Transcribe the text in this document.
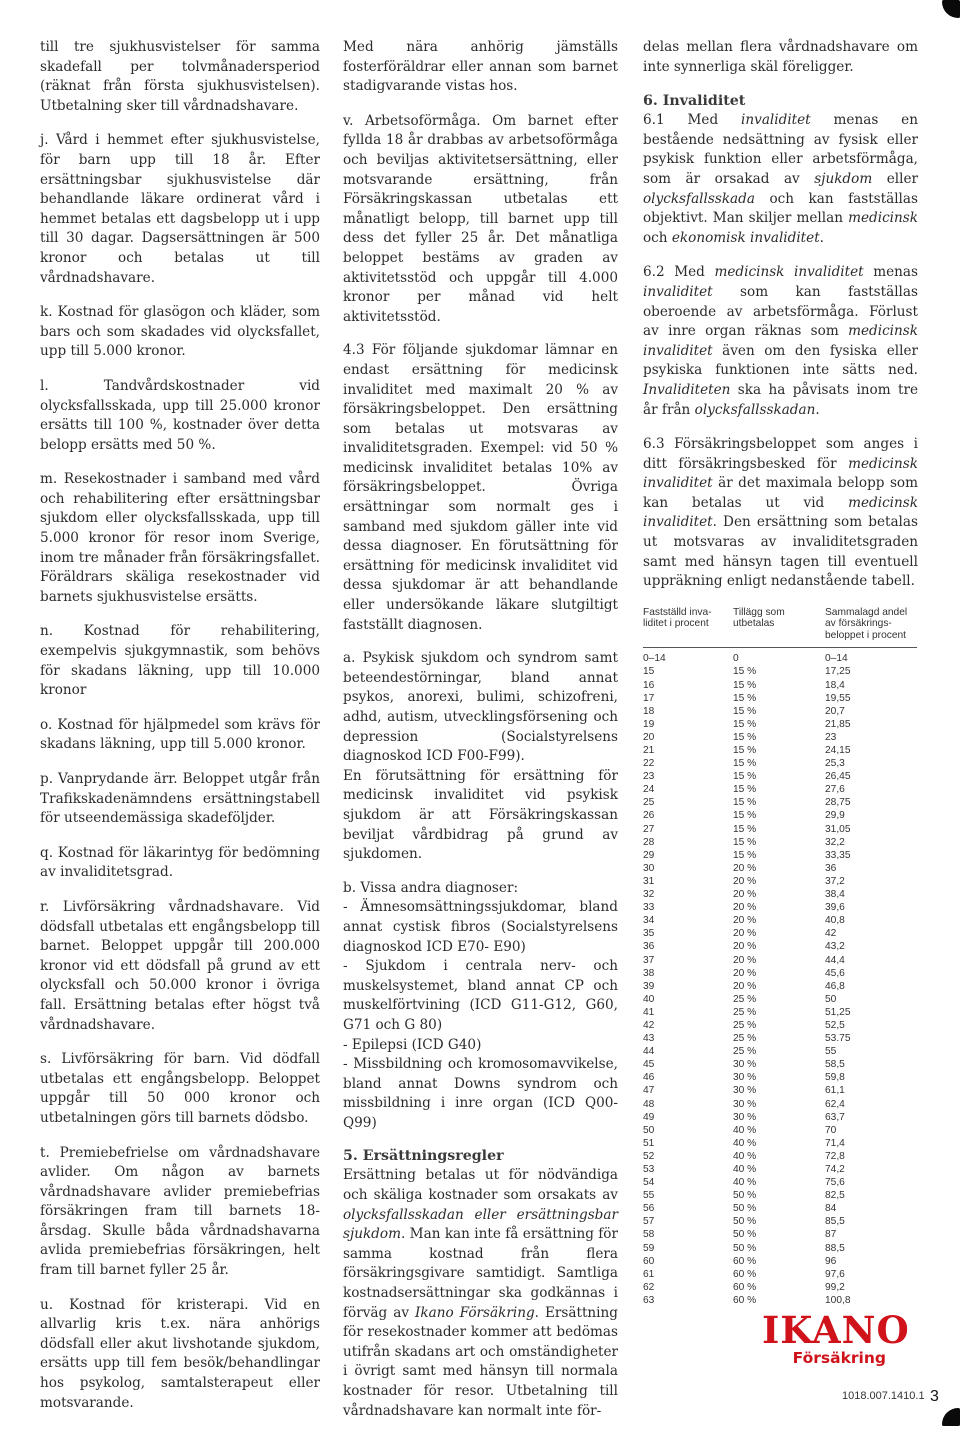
till tre sjukhusvistelser för samma skadefall per tolvmånadersperiod (räknat från första sjukhusvistelsen). Utbetalning sker till vårdnadshavare.

j. Vård i hemmet efter sjukhusvistelse, för barn upp till 18 år. Efter ersättningsbar sjukhusvistelse där behandlande läkare ordinerat vård i hemmet betalas ett dagsbelopp ut i upp till 30 dagar. Dagsersättningen är 500 kronor och betalas ut till vårdnadshavare.

k. Kostnad för glasögon och kläder, som bars och som skadades vid olycksfallet, upp till 5.000 kronor.

l. Tandvårdskostnader vid olycksfallsskada, upp till 25.000 kronor ersätts till 100 %, kostnader över detta belopp ersätts med 50 %.

m. Resekostnader i samband med vård och rehabilitering efter ersättningsbar sjukdom eller olycksfallsskada, upp till 5.000 kronor för resor inom Sverige, inom tre månader från försäkringsfallet. Föräldrars skäliga resekostnader vid barnets sjukhusvistelse ersätts.

n. Kostnad för rehabilitering, exempelvis sjukgymnastik, som behövs för skadans läkning, upp till 10.000 kronor

o. Kostnad för hjälpmedel som krävs för skadans läkning, upp till 5.000 kronor.

p. Vanprydande ärr. Beloppet utgår från Trafikskadenämndens ersättningstabell för utseendemässiga skadeföljder.

q. Kostnad för läkarintyg för bedömning av invaliditetsgrad.

r. Livförsäkring vårdnadshavare. Vid dödsfall utbetalas ett engångsbelopp till barnet. Beloppet uppgår till 200.000 kronor vid ett dödsfall på grund av ett olycksfall och 50.000 kronor i övriga fall. Ersättning betalas efter högst två vårdnadshavare.

s. Livförsäkring för barn. Vid dödfall utbetalas ett engångsbelopp. Beloppet uppgår till 50 000 kronor och utbetalningen görs till barnets dödsbo.

t. Premiebefrielse om vårdnadshavare avlider. Om någon av barnets vårdnadshavare avlider premiebefrias försäkringen fram till barnets 18-årsdag. Skulle båda vårdnadshavarna avlida premiebefrias försäkringen, helt fram till barnet fyller 25 år.

u. Kostnad för kristerapi. Vid en allvarlig kris t.ex. nära anhörigs dödsfall eller akut livshotande sjukdom, ersätts upp till fem besök/behandlingar hos psykolog, samtalsterapeut eller motsvarande.

Med nära anhörig jämställs fosterföräldrar eller annan som barnet stadigvarande vistas hos.

v. Arbetsoförmåga. Om barnet efter fyllda 18 år drabbas av arbetsoförmåga och beviljas aktivitetsersättning, eller motsvarande ersättning, från Försäkringskassan utbetalas ett månatligt belopp, till barnet upp till dess det fyller 25 år. Det månatliga beloppet bestäms av graden av aktivitetsstöd och uppgår till 4.000 kronor per månad vid helt aktivitetsstöd.

4.3 För följande sjukdomar lämnar en endast ersättning för medicinsk invaliditet med maximalt 20 % av försäkringsbeloppet. Den ersättning som betalas ut motsvaras av invaliditetsgraden. Exempel: vid 50 % medicinsk invaliditet betalas 10% av försäkringsbeloppet. Övriga ersättningar som normalt ges i samband med sjukdom gäller inte vid dessa diagnoser. En förutsättning för ersättning för medicinsk invaliditet vid dessa sjukdomar är att behandlande eller undersökande läkare slutgiltigt fastställt diagnosen.

a. Psykisk sjukdom och syndrom samt beteendestörningar, bland annat psykos, anorexi, bulimi, schizofreni, adhd, autism, utvecklingsförsening och depression (Socialstyrelsens diagnoskod ICD F00-F99).

En förutsättning för ersättning för medicinsk invaliditet vid psykisk sjukdom är att Försäkringskassan beviljat vårdbidrag på grund av sjukdomen.

b. Vissa andra diagnoser:

- Ämnesomsättningssjukdomar, bland annat cystisk fibros (Socialstyrelsens diagnoskod ICD E70- E90)

- Sjukdom i centrala nerv- och muskelsystemet, bland annat CP och muskelförtvining (ICD G11-G12, G60, G71 och G 80)

- Epilepsi (ICD G40)

- Missbildning och kromosomavvikelse, bland annat Downs syndrom och missbildning i inre organ (ICD Q00-Q99)

5. Ersättningsregler

Ersättning betalas ut för nödvändiga och skäliga kostnader som orsakats av olycksfallsskadan eller ersättningsbar sjukdom. Man kan inte få ersättning för samma kostnad från flera försäkringsgivare samtidigt. Samtliga kostnadsersättningar ska godkännas i förväg av Ikano Försäkring. Ersättning för resekostnader kommer att bedömas utifrån skadans art och omständigheter i övrigt samt med hänsyn till normala kostnader för resor. Utbetalning till vårdnadshavare kan normalt inte för-

delas mellan flera vårdnadshavare om inte synnerliga skäl föreligger.

6. Invaliditet

6.1 Med invaliditet menas en bestående nedsättning av fysisk eller psykisk funktion eller arbetsförmåga, som är orsakad av sjukdom eller olycksfallsskada och kan fastställas objektivt. Man skiljer mellan medicinsk och ekonomisk invaliditet.

6.2 Med medicinsk invaliditet menas invaliditet som kan fastställas oberoende av arbetsförmåga. Förlust av inre organ räknas som medicinsk invaliditet även om den fysiska eller psykiska funktionen inte sätts ned. Invaliditeten ska ha påvisats inom tre år från olycksfallsskadan.

6.3 Försäkringsbeloppet som anges i ditt försäkringsbesked för medicinsk invaliditet är det maximala belopp som kan betalas ut vid medicinsk invaliditet. Den ersättning som betalas ut motsvaras av invaliditetsgraden samt med hänsyn tagen till eventuell uppräkning enligt nedanstående tabell.

Fastställd inva-
liditet i procent	Tillägg som
utbetalas	Sammalagd andel
av försäkrings-
beloppet i procent

0–14	0	0–14
15	15 %	17,25
16	15 %	18,4
17	15 %	19,55
18	15 %	20,7
19	15 %	21,85
20	15 %	23
21	15 %	24,15
22	15 %	25,3
23	15 %	26,45
24	15 %	27,6
25	15 %	28,75
26	15 %	29,9
27	15 %	31,05
28	15 %	32,2
29	15 %	33,35
30	20 %	36
31	20 %	37,2
32	20 %	38,4
33	20 %	39,6
34	20 %	40,8
35	20 %	42
36	20 %	43,2
37	20 %	44,4
38	20 %	45,6
39	20 %	46,8
40	25 %	50
41	25 %	51,25
42	25 %	52,5
43	25 %	53.75
44	25 %	55
45	30 %	58,5
46	30 %	59,8
47	30 %	61,1
48	30 %	62,4
49	30 %	63,7
50	40 %	70
51	40 %	71,4
52	40 %	72,8
53	40 %	74,2
54	40 %	75,6
55	50 %	82,5
56	50 %	84
57	50 %	85,5
58	50 %	87
59	50 %	88,5
60	60 %	96
61	60 %	97,6
62	60 %	99,2
63	60 %	100,8
IKANO
Försäkring
1018.007.1410.1 3
